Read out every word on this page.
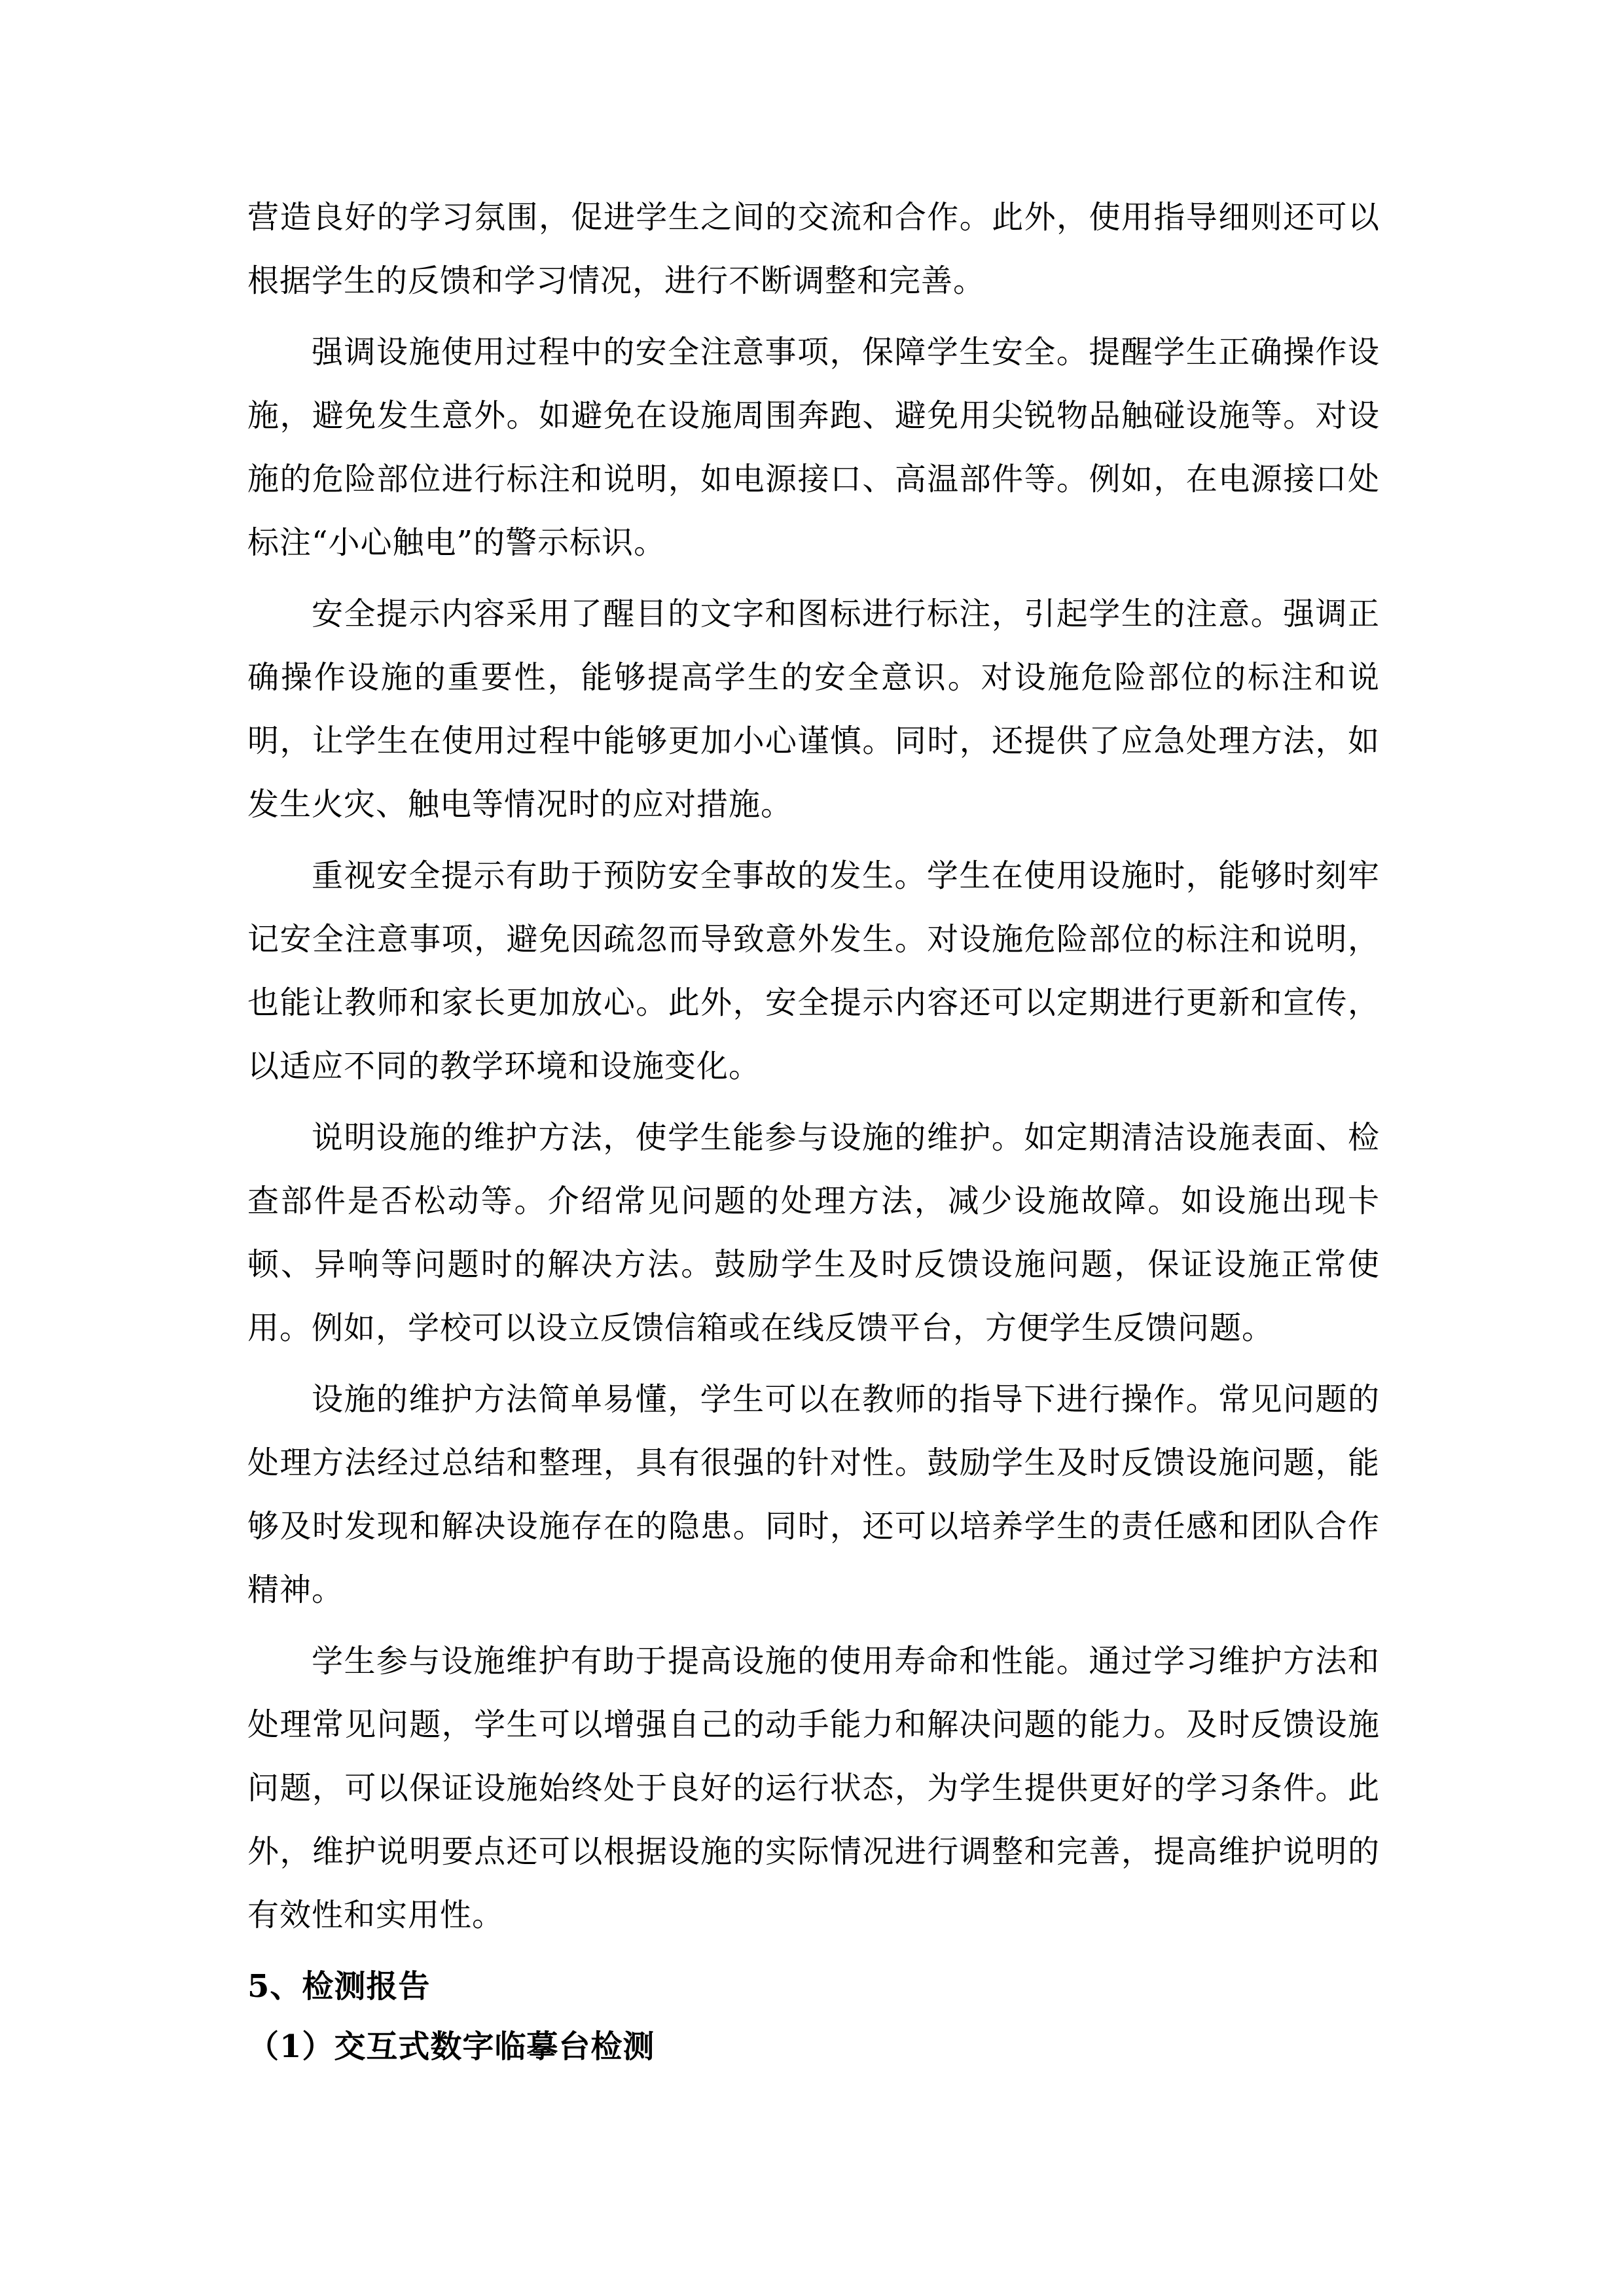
营造良好的学习氛围，促进学生之间的交流和合作。此外，使用指导细则还可以根据学生的反馈和学习情况，进行不断调整和完善。

强调设施使用过程中的安全注意事项，保障学生安全。提醒学生正确操作设施，避免发生意外。如避免在设施周围奔跑、避免用尖锐物品触碰设施等。对设施的危险部位进行标注和说明，如电源接口、高温部件等。例如，在电源接口处标注“小心触电”的警示标识。

安全提示内容采用了醒目的文字和图标进行标注，引起学生的注意。强调正确操作设施的重要性，能够提高学生的安全意识。对设施危险部位的标注和说明，让学生在使用过程中能够更加小心谨慎。同时，还提供了应急处理方法，如发生火灾、触电等情况时的应对措施。

重视安全提示有助于预防安全事故的发生。学生在使用设施时，能够时刻牢记安全注意事项，避免因疏忽而导致意外发生。对设施危险部位的标注和说明，也能让教师和家长更加放心。此外，安全提示内容还可以定期进行更新和宣传，以适应不同的教学环境和设施变化。

说明设施的维护方法，使学生能参与设施的维护。如定期清洁设施表面、检查部件是否松动等。介绍常见问题的处理方法，减少设施故障。如设施出现卡顿、异响等问题时的解决方法。鼓励学生及时反馈设施问题，保证设施正常使用。例如，学校可以设立反馈信箱或在线反馈平台，方便学生反馈问题。

设施的维护方法简单易懂，学生可以在教师的指导下进行操作。常见问题的处理方法经过总结和整理，具有很强的针对性。鼓励学生及时反馈设施问题，能够及时发现和解决设施存在的隐患。同时，还可以培养学生的责任感和团队合作精神。

学生参与设施维护有助于提高设施的使用寿命和性能。通过学习维护方法和处理常见问题，学生可以增强自己的动手能力和解决问题的能力。及时反馈设施问题，可以保证设施始终处于良好的运行状态，为学生提供更好的学习条件。此外，维护说明要点还可以根据设施的实际情况进行调整和完善，提高维护说明的有效性和实用性。

5、检测报告
（1）交互式数字临摹台检测
